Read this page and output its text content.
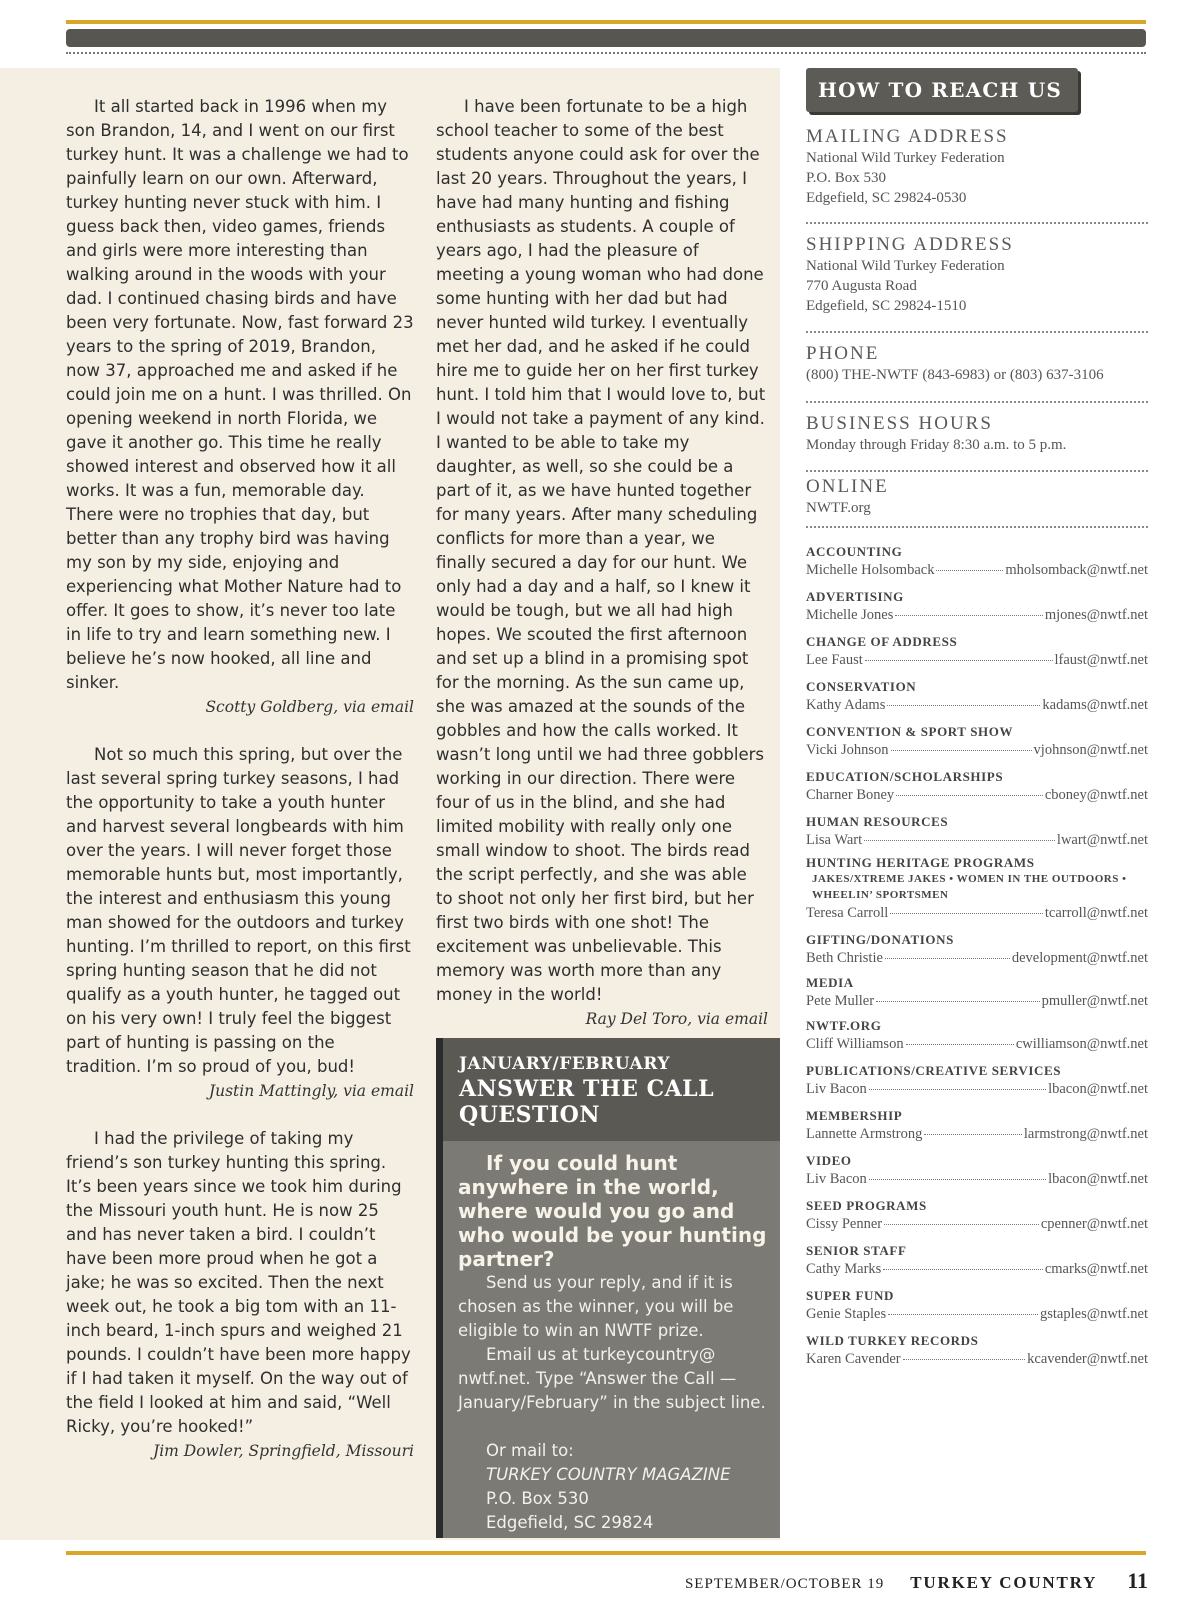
It all started back in 1996 when my son Brandon, 14, and I went on our first turkey hunt. It was a challenge we had to painfully learn on our own. Afterward, turkey hunting never stuck with him. I guess back then, video games, friends and girls were more interesting than walking around in the woods with your dad. I continued chasing birds and have been very fortunate. Now, fast forward 23 years to the spring of 2019, Brandon, now 37, approached me and asked if he could join me on a hunt. I was thrilled. On opening weekend in north Florida, we gave it another go. This time he really showed interest and observed how it all works. It was a fun, memorable day. There were no trophies that day, but better than any trophy bird was having my son by my side, enjoying and experiencing what Mother Nature had to offer. It goes to show, it’s never too late in life to try and learn something new. I believe he’s now hooked, all line and sinker.

Scotty Goldberg, via email

Not so much this spring, but over the last several spring turkey seasons, I had the opportunity to take a youth hunter and harvest several longbeards with him over the years. I will never forget those memorable hunts but, most importantly, the interest and enthusiasm this young man showed for the outdoors and turkey hunting. I’m thrilled to report, on this first spring hunting season that he did not qualify as a youth hunter, he tagged out on his very own! I truly feel the biggest part of hunting is passing on the tradition. I’m so proud of you, bud!

Justin Mattingly, via email

I had the privilege of taking my friend’s son turkey hunting this spring. It’s been years since we took him during the Missouri youth hunt. He is now 25 and has never taken a bird. I couldn’t have been more proud when he got a jake; he was so excited. Then the next week out, he took a big tom with an 11-inch beard, 1-inch spurs and weighed 21 pounds. I couldn’t have been more happy if I had taken it myself. On the way out of the field I looked at him and said, “Well Ricky, you’re hooked!”

Jim Dowler, Springfield, Missouri

I have been fortunate to be a high school teacher to some of the best students anyone could ask for over the last 20 years. Throughout the years, I have had many hunting and fishing enthusiasts as students. A couple of years ago, I had the pleasure of meeting a young woman who had done some hunting with her dad but had never hunted wild turkey. I eventually met her dad, and he asked if he could hire me to guide her on her first turkey hunt. I told him that I would love to, but I would not take a payment of any kind. I wanted to be able to take my daughter, as well, so she could be a part of it, as we have hunted together for many years. After many scheduling conflicts for more than a year, we finally secured a day for our hunt. We only had a day and a half, so I knew it would be tough, but we all had high hopes. We scouted the first afternoon and set up a blind in a promising spot for the morning. As the sun came up, she was amazed at the sounds of the gobbles and how the calls worked. It wasn’t long until we had three gobblers working in our direction. There were four of us in the blind, and she had limited mobility with really only one small window to shoot. The birds read the script perfectly, and she was able to shoot not only her first bird, but her first two birds with one shot! The excitement was unbelievable. This memory was worth more than any money in the world!

Ray Del Toro, via email
JANUARY/FEBRUARY
ANSWER THE CALL QUESTION

If you could hunt anywhere in the world, where would you go and who would be your hunting partner?

Send us your reply, and if it is chosen as the winner, you will be eligible to win an NWTF prize.

Email us at turkeycountry@ nwtf.net. Type “Answer the Call — January/February” in the subject line.

Or mail to:
TURKEY COUNTRY MAGAZINE
P.O. Box 530
Edgefield, SC 29824
HOW TO REACH US
MAILING ADDRESS
National Wild Turkey Federation
P.O. Box 530
Edgefield, SC 29824-0530
SHIPPING ADDRESS
National Wild Turkey Federation
770 Augusta Road
Edgefield, SC 29824-1510
PHONE
(800) THE-NWTF (843-6983) or (803) 637-3106
BUSINESS HOURS
Monday through Friday 8:30 a.m. to 5 p.m.
ONLINE
NWTF.org
ACCOUNTING
Michelle Holsomback	mholsomback@nwtf.net
ADVERTISING
Michelle Jones	mjones@nwtf.net
CHANGE OF ADDRESS
Lee Faust	lfaust@nwtf.net
CONSERVATION
Kathy Adams	kadams@nwtf.net
CONVENTION & SPORT SHOW
Vicki Johnson	vjohnson@nwtf.net
EDUCATION/SCHOLARSHIPS
Charner Boney	cboney@nwtf.net
HUMAN RESOURCES
Lisa Wart	lwart@nwtf.net
HUNTING HERITAGE PROGRAMS
JAKES/XTREME JAKES • WOMEN IN THE OUTDOORS • WHEELIN’ SPORTSMEN
Teresa Carroll	tcarroll@nwtf.net
GIFTING/DONATIONS
Beth Christie	development@nwtf.net
MEDIA
Pete Muller	pmuller@nwtf.net
NWTF.ORG
Cliff Williamson	cwilliamson@nwtf.net
PUBLICATIONS/CREATIVE SERVICES
Liv Bacon	lbacon@nwtf.net
MEMBERSHIP
Lannette Armstrong	larmstrong@nwtf.net
VIDEO
Liv Bacon	lbacon@nwtf.net
SEED PROGRAMS
Cissy Penner	cpenner@nwtf.net
SENIOR STAFF
Cathy Marks	cmarks@nwtf.net
SUPER FUND
Genie Staples	gstaples@nwtf.net
WILD TURKEY RECORDS
Karen Cavender	kcavender@nwtf.net
SEPTEMBER/OCTOBER 19 TURKEY COUNTRY 11
